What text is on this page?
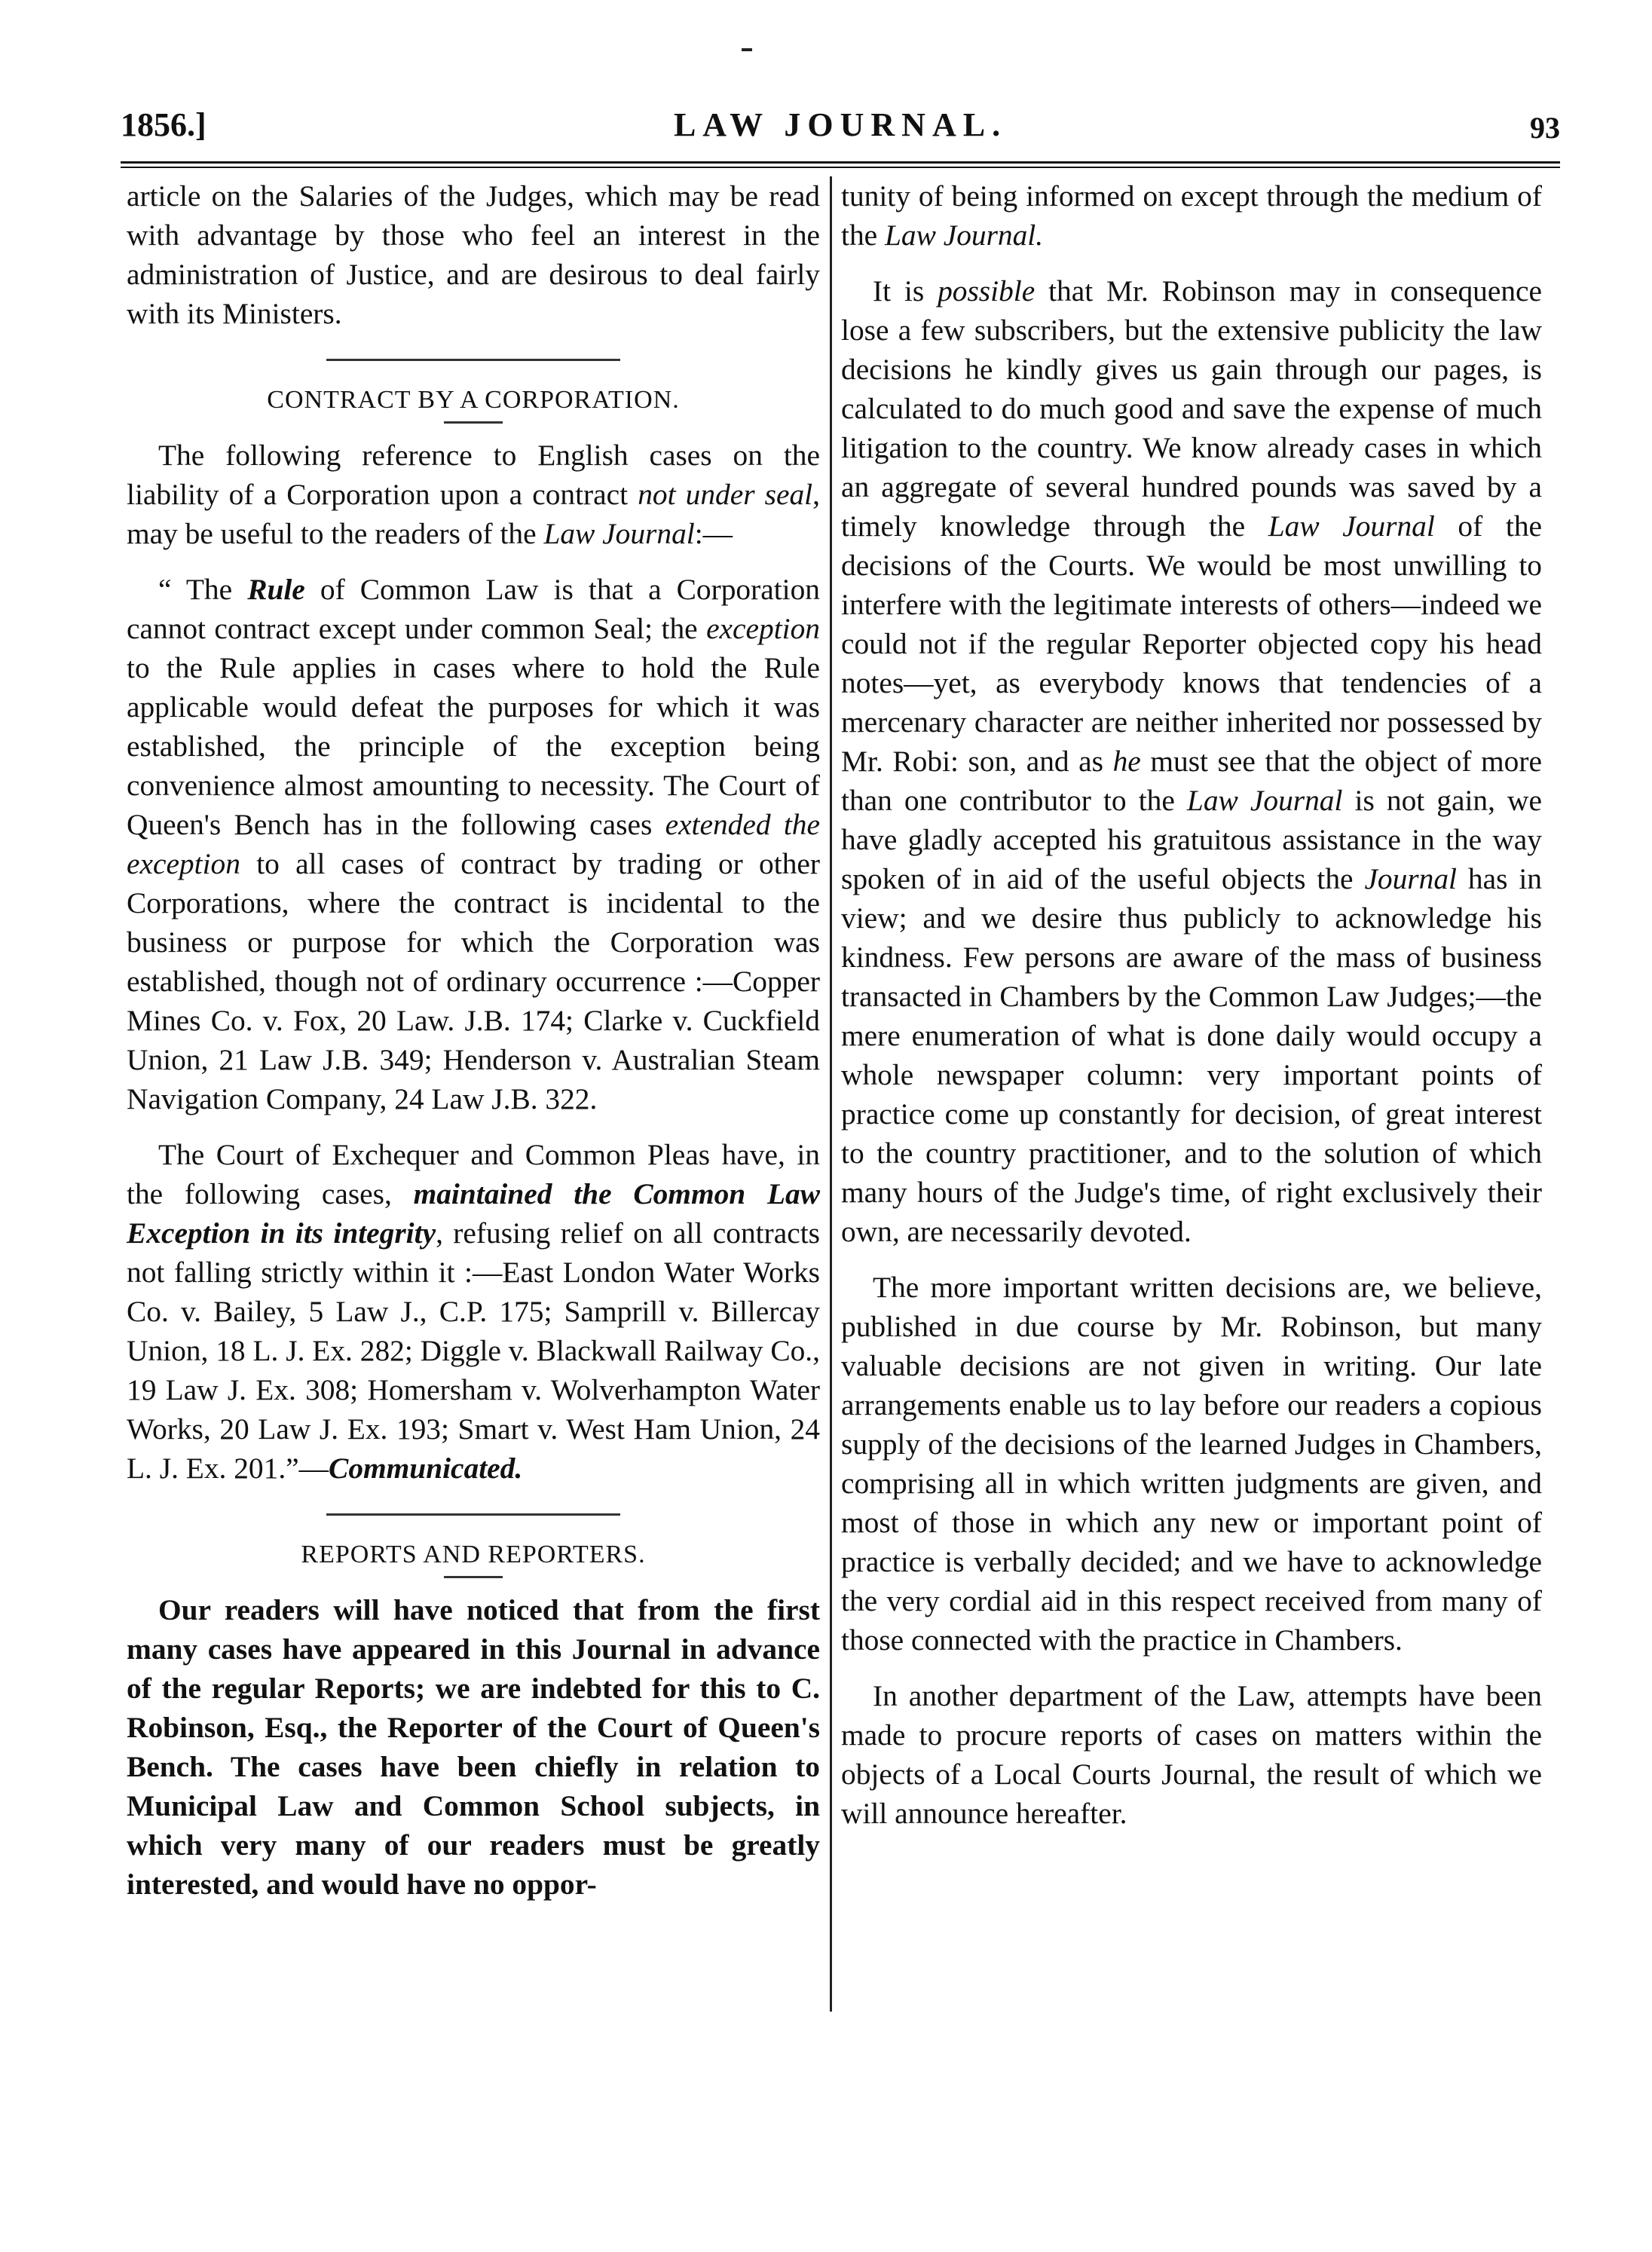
1856.]	LAW JOURNAL.	93

article on the Salaries of the Judges, which may be read with advantage by those who feel an interest in the administration of Justice, and are desirous to deal fairly with its Ministers.

CONTRACT BY A CORPORATION.

The following reference to English cases on the liability of a Corporation upon a contract not under seal, may be useful to the readers of the Law Journal:—

“ The Rule of Common Law is that a Corporation cannot contract except under common Seal; the exception to the Rule applies in cases where to hold the Rule applicable would defeat the purposes for which it was established, the principle of the exception being convenience almost amounting to necessity. The Court of Queen's Bench has in the following cases extended the exception to all cases of contract by trading or other Corporations, where the contract is incidental to the business or purpose for which the Corporation was established, though not of ordinary occurrence :—Copper Mines Co. v. Fox, 20 Law. J.B. 174; Clarke v. Cuckfield Union, 21 Law J.B. 349; Henderson v. Australian Steam Navigation Company, 24 Law J.B. 322.

The Court of Exchequer and Common Pleas have, in the following cases, maintained the Common Law Exception in its integrity, refusing relief on all contracts not falling strictly within it :—East London Water Works Co. v. Bailey, 5 Law J., C.P. 175; Samprill v. Billercay Union, 18 L. J. Ex. 282; Diggle v. Blackwall Railway Co., 19 Law J. Ex. 308; Homersham v. Wolverhampton Water Works, 20 Law J. Ex. 193; Smart v. West Ham Union, 24 L. J. Ex. 201.”—Communicated.

REPORTS AND REPORTERS.

Our readers will have noticed that from the first many cases have appeared in this Journal in advance of the regular Reports; we are indebted for this to C. Robinson, Esq., the Reporter of the Court of Queen's Bench. The cases have been chiefly in relation to Municipal Law and Common School subjects, in which very many of our readers must be greatly interested, and would have no oppor-

tunity of being informed on except through the medium of the Law Journal.

It is possible that Mr. Robinson may in consequence lose a few subscribers, but the extensive publicity the law decisions he kindly gives us gain through our pages, is calculated to do much good and save the expense of much litigation to the country. We know already cases in which an aggregate of several hundred pounds was saved by a timely knowledge through the Law Journal of the decisions of the Courts. We would be most unwilling to interfere with the legitimate interests of others—indeed we could not if the regular Reporter objected copy his head notes—yet, as everybody knows that tendencies of a mercenary character are neither inherited nor possessed by Mr. Robi: son, and as he must see that the object of more than one contributor to the Law Journal is not gain, we have gladly accepted his gratuitous assistance in the way spoken of in aid of the useful objects the Journal has in view; and we desire thus publicly to acknowledge his kindness. Few persons are aware of the mass of business transacted in Chambers by the Common Law Judges;—the mere enumeration of what is done daily would occupy a whole newspaper column: very important points of practice come up constantly for decision, of great interest to the country practitioner, and to the solution of which many hours of the Judge's time, of right exclusively their own, are necessarily devoted.

The more important written decisions are, we believe, published in due course by Mr. Robinson, but many valuable decisions are not given in writing. Our late arrangements enable us to lay before our readers a copious supply of the decisions of the learned Judges in Chambers, comprising all in which written judgments are given, and most of those in which any new or important point of practice is verbally decided; and we have to acknowledge the very cordial aid in this respect received from many of those connected with the practice in Chambers.

In another department of the Law, attempts have been made to procure reports of cases on matters within the objects of a Local Courts Journal, the result of which we will announce hereafter.
